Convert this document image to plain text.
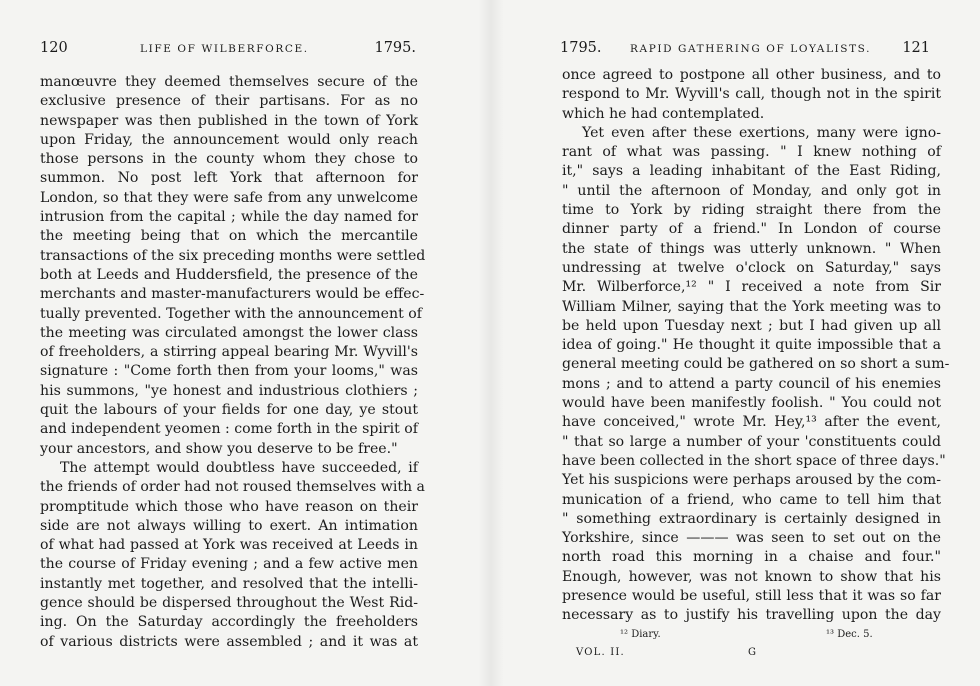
120	LIFE OF WILBERFORCE.	1795.
manœuvre they deemed themselves secure of the
exclusive presence of their partisans. For as no
newspaper was then published in the town of York
upon Friday, the announcement would only reach
those persons in the county whom they chose to
summon. No post left York that afternoon for
London, so that they were safe from any unwelcome
intrusion from the capital ; while the day named for
the meeting being that on which the mercantile
transactions of the six preceding months were settled
both at Leeds and Huddersfield, the presence of the
merchants and master-manufacturers would be effec-
tually prevented. Together with the announcement of
the meeting was circulated amongst the lower class
of freeholders, a stirring appeal bearing Mr. Wyvill's
signature : "Come forth then from your looms," was
his summons, "ye honest and industrious clothiers ;
quit the labours of your fields for one day, ye stout
and independent yeomen : come forth in the spirit of
your ancestors, and show you deserve to be free."
The attempt would doubtless have succeeded, if
the friends of order had not roused themselves with a
promptitude which those who have reason on their
side are not always willing to exert. An intimation
of what had passed at York was received at Leeds in
the course of Friday evening ; and a few active men
instantly met together, and resolved that the intelli-
gence should be dispersed throughout the West Rid-
ing. On the Saturday accordingly the freeholders
of various districts were assembled ; and it was at
1795.	RAPID GATHERING OF LOYALISTS. 121
once agreed to postpone all other business, and to
respond to Mr. Wyvill's call, though not in the spirit
which he had contemplated.
Yet even after these exertions, many were igno-
rant of what was passing. " I knew nothing of
it," says a leading inhabitant of the East Riding,
" until the afternoon of Monday, and only got in
time to York by riding straight there from the
dinner party of a friend." In London of course
the state of things was utterly unknown. " When
undressing at twelve o'clock on Saturday," says
Mr. Wilberforce,¹² " I received a note from Sir
William Milner, saying that the York meeting was to
be held upon Tuesday next ; but I had given up all
idea of going." He thought it quite impossible that a
general meeting could be gathered on so short a sum-
mons ; and to attend a party council of his enemies
would have been manifestly foolish. " You could not
have conceived," wrote Mr. Hey,¹³ after the event,
" that so large a number of your 'constituents could
have been collected in the short space of three days."
Yet his suspicions were perhaps aroused by the com-
munication of a friend, who came to tell him that
" something extraordinary is certainly designed in
Yorkshire, since ——— was seen to set out on the
north road this morning in a chaise and four."
Enough, however, was not known to show that his
presence would be useful, still less that it was so far
necessary as to justify his travelling upon the day
¹² Diary.	¹³ Dec. 5.
VOL. II.	G
